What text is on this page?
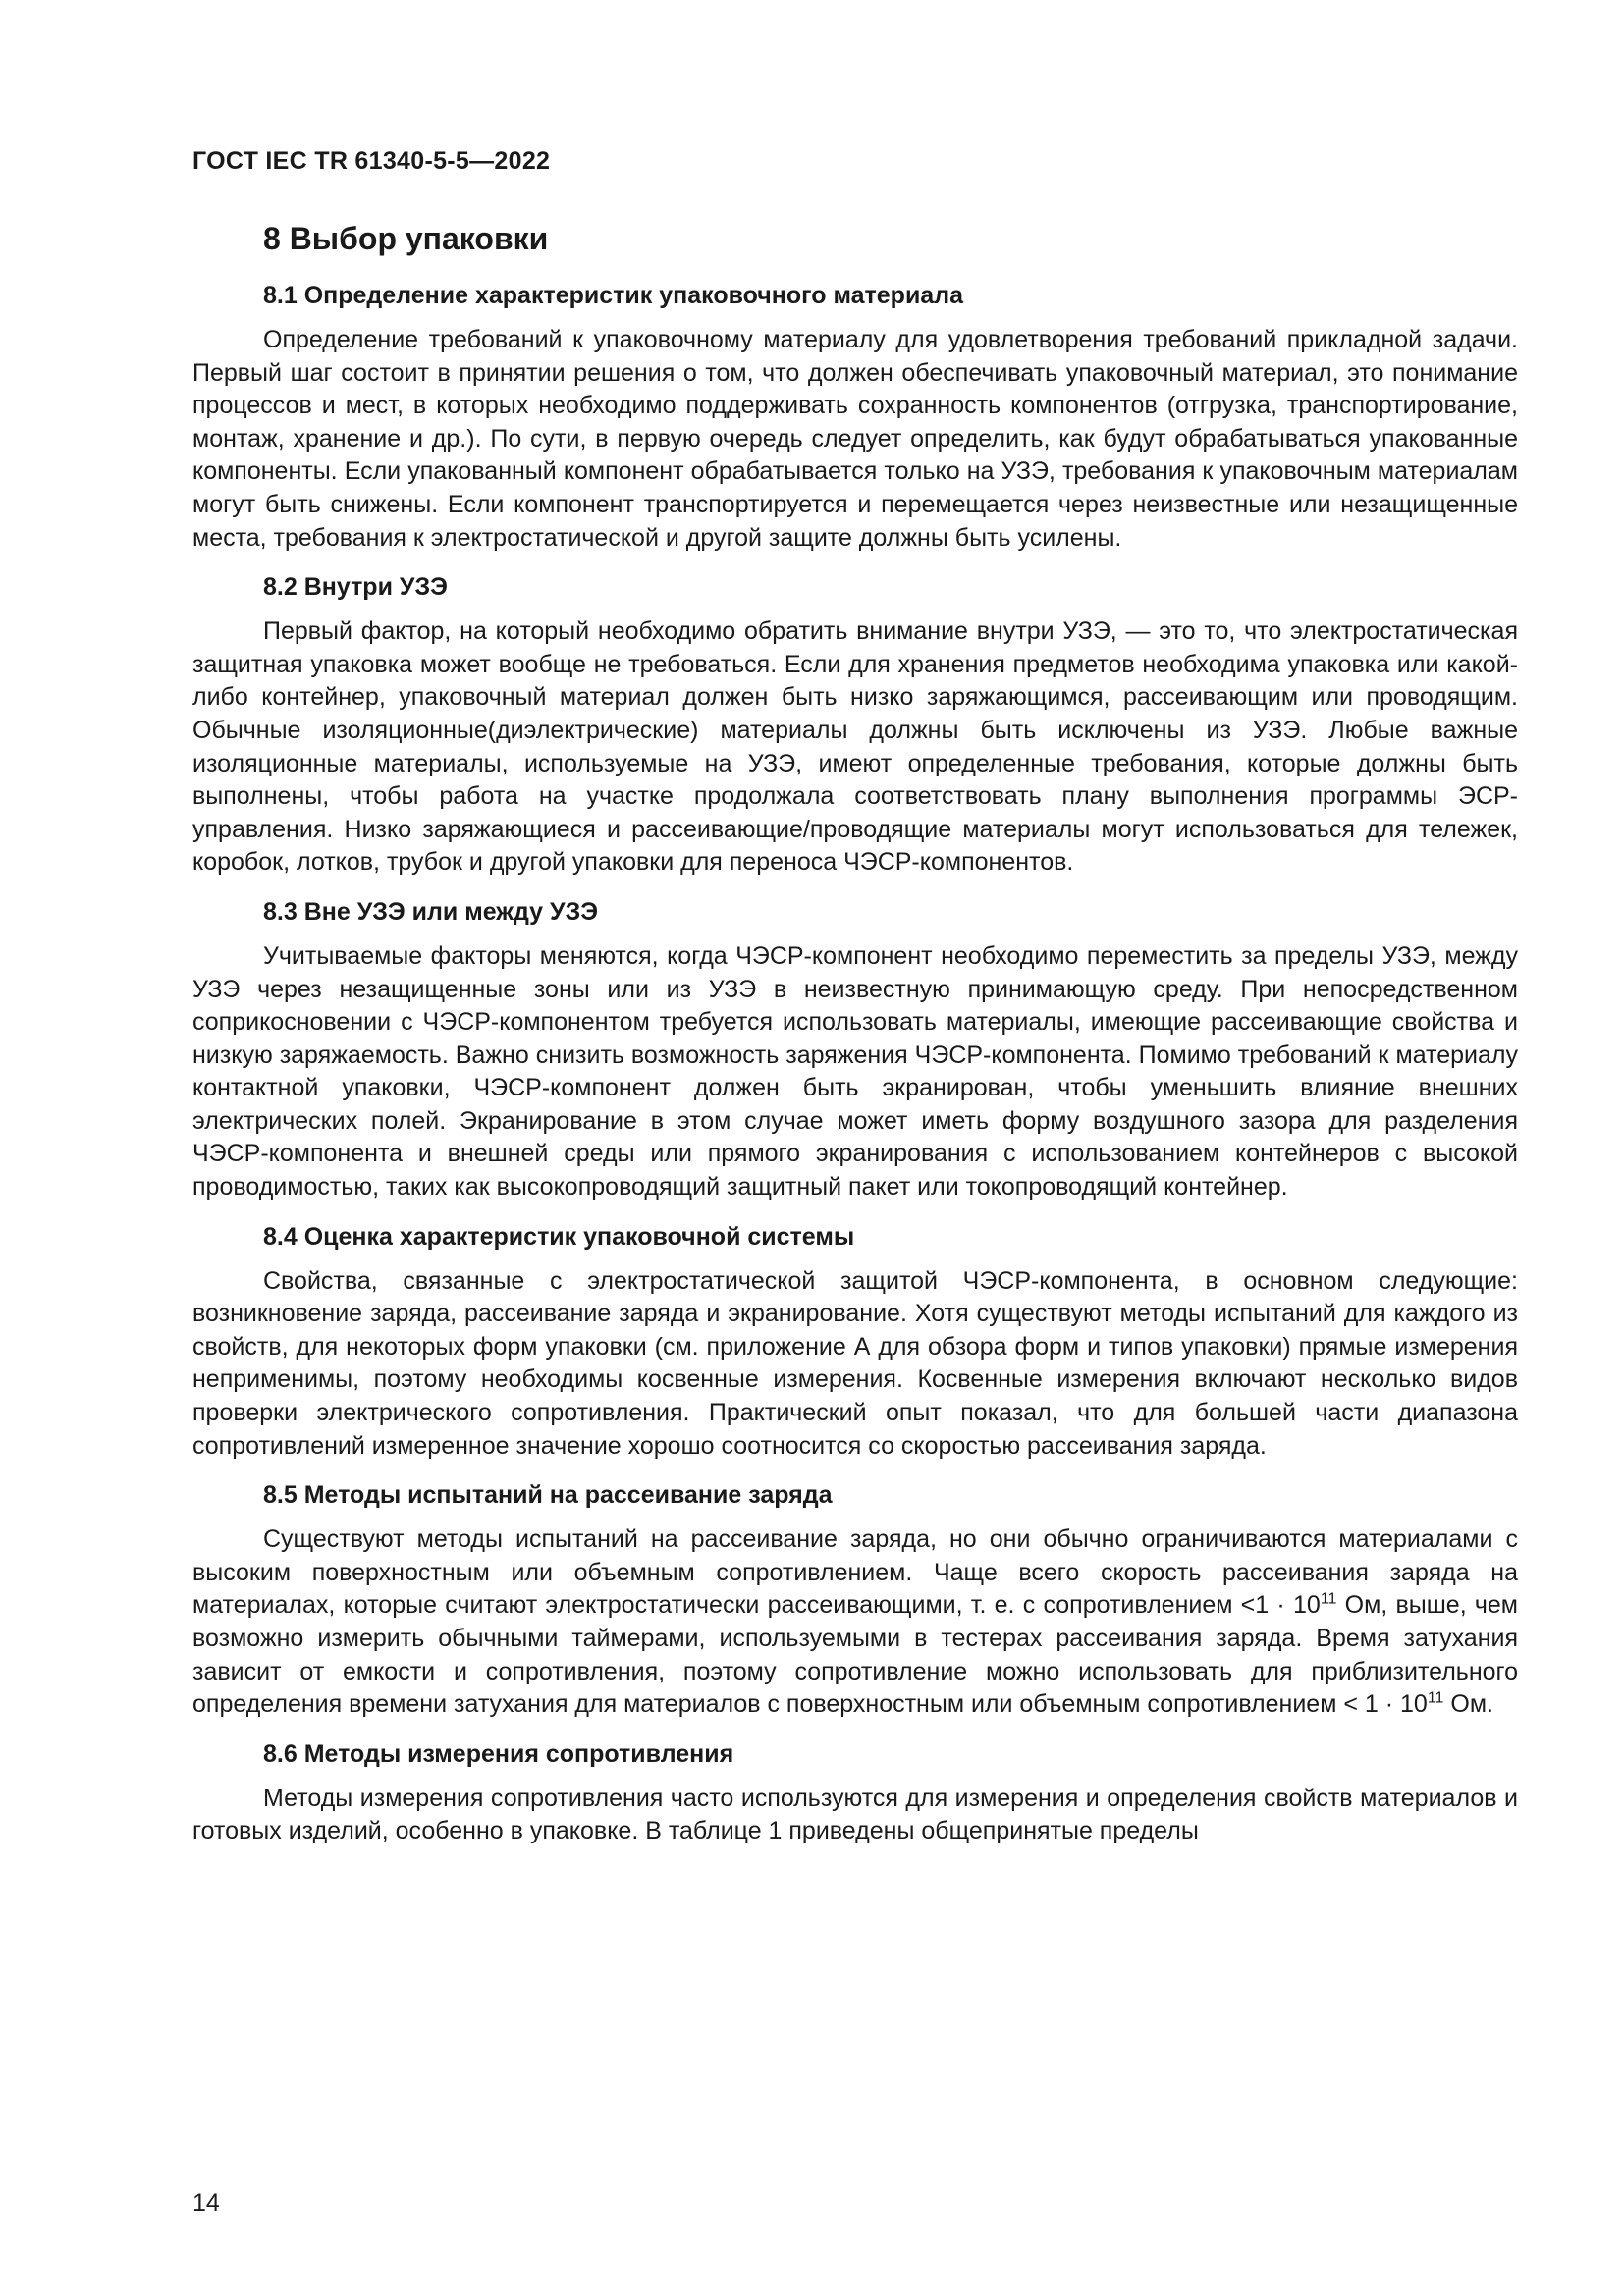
ГОСТ IEC TR 61340-5-5—2022
8 Выбор упаковки
8.1 Определение характеристик упаковочного материала

Определение требований к упаковочному материалу для удовлетворения требований прикладной задачи. Первый шаг состоит в принятии решения о том, что должен обеспечивать упаковочный материал, это понимание процессов и мест, в которых необходимо поддерживать сохранность компонентов (отгрузка, транспортирование, монтаж, хранение и др.). По сути, в первую очередь следует определить, как будут обрабатываться упакованные компоненты. Если упакованный компонент обрабатывается только на УЗЭ, требования к упаковочным материалам могут быть снижены. Если компонент транспортируется и перемещается через неизвестные или незащищенные места, требования к электростатической и другой защите должны быть усилены.

8.2 Внутри УЗЭ

Первый фактор, на который необходимо обратить внимание внутри УЗЭ, — это то, что электростатическая защитная упаковка может вообще не требоваться. Если для хранения предметов необходима упаковка или какой-либо контейнер, упаковочный материал должен быть низко заряжающимся, рассеивающим или проводящим. Обычные изоляционные(диэлектрические) материалы должны быть исключены из УЗЭ. Любые важные изоляционные материалы, используемые на УЗЭ, имеют определенные требования, которые должны быть выполнены, чтобы работа на участке продолжала соответствовать плану выполнения программы ЭСР-управления. Низко заряжающиеся и рассеивающие/проводящие материалы могут использоваться для тележек, коробок, лотков, трубок и другой упаковки для переноса ЧЭСР-компонентов.

8.3 Вне УЗЭ или между УЗЭ

Учитываемые факторы меняются, когда ЧЭСР-компонент необходимо переместить за пределы УЗЭ, между УЗЭ через незащищенные зоны или из УЗЭ в неизвестную принимающую среду. При непосредственном соприкосновении с ЧЭСР-компонентом требуется использовать материалы, имеющие рассеивающие свойства и низкую заряжаемость. Важно снизить возможность заряжения ЧЭСР-компонента. Помимо требований к материалу контактной упаковки, ЧЭСР-компонент должен быть экранирован, чтобы уменьшить влияние внешних электрических полей. Экранирование в этом случае может иметь форму воздушного зазора для разделения ЧЭСР-компонента и внешней среды или прямого экранирования с использованием контейнеров с высокой проводимостью, таких как высокопроводящий защитный пакет или токопроводящий контейнер.

8.4 Оценка характеристик упаковочной системы

Свойства, связанные с электростатической защитой ЧЭСР-компонента, в основном следующие: возникновение заряда, рассеивание заряда и экранирование. Хотя существуют методы испытаний для каждого из свойств, для некоторых форм упаковки (см. приложение А для обзора форм и типов упаковки) прямые измерения неприменимы, поэтому необходимы косвенные измерения. Косвенные измерения включают несколько видов проверки электрического сопротивления. Практический опыт показал, что для большей части диапазона сопротивлений измеренное значение хорошо соотносится со скоростью рассеивания заряда.

8.5 Методы испытаний на рассеивание заряда

Существуют методы испытаний на рассеивание заряда, но они обычно ограничиваются материалами с высоким поверхностным или объемным сопротивлением. Чаще всего скорость рассеивания заряда на материалах, которые считают электростатически рассеивающими, т. е. с сопротивлением $<1 \cdot 10^{11}$ Ом, выше, чем возможно измерить обычными таймерами, используемыми в тестерах рассеивания заряда. Время затухания зависит от емкости и сопротивления, поэтому сопротивление можно использовать для приблизительного определения времени затухания для материалов с поверхностным или объемным сопротивлением < $1 \cdot 10^{11}$ Ом.

8.6 Методы измерения сопротивления

Методы измерения сопротивления часто используются для измерения и определения свойств материалов и готовых изделий, особенно в упаковке. В таблице 1 приведены общепринятые пределы

14
